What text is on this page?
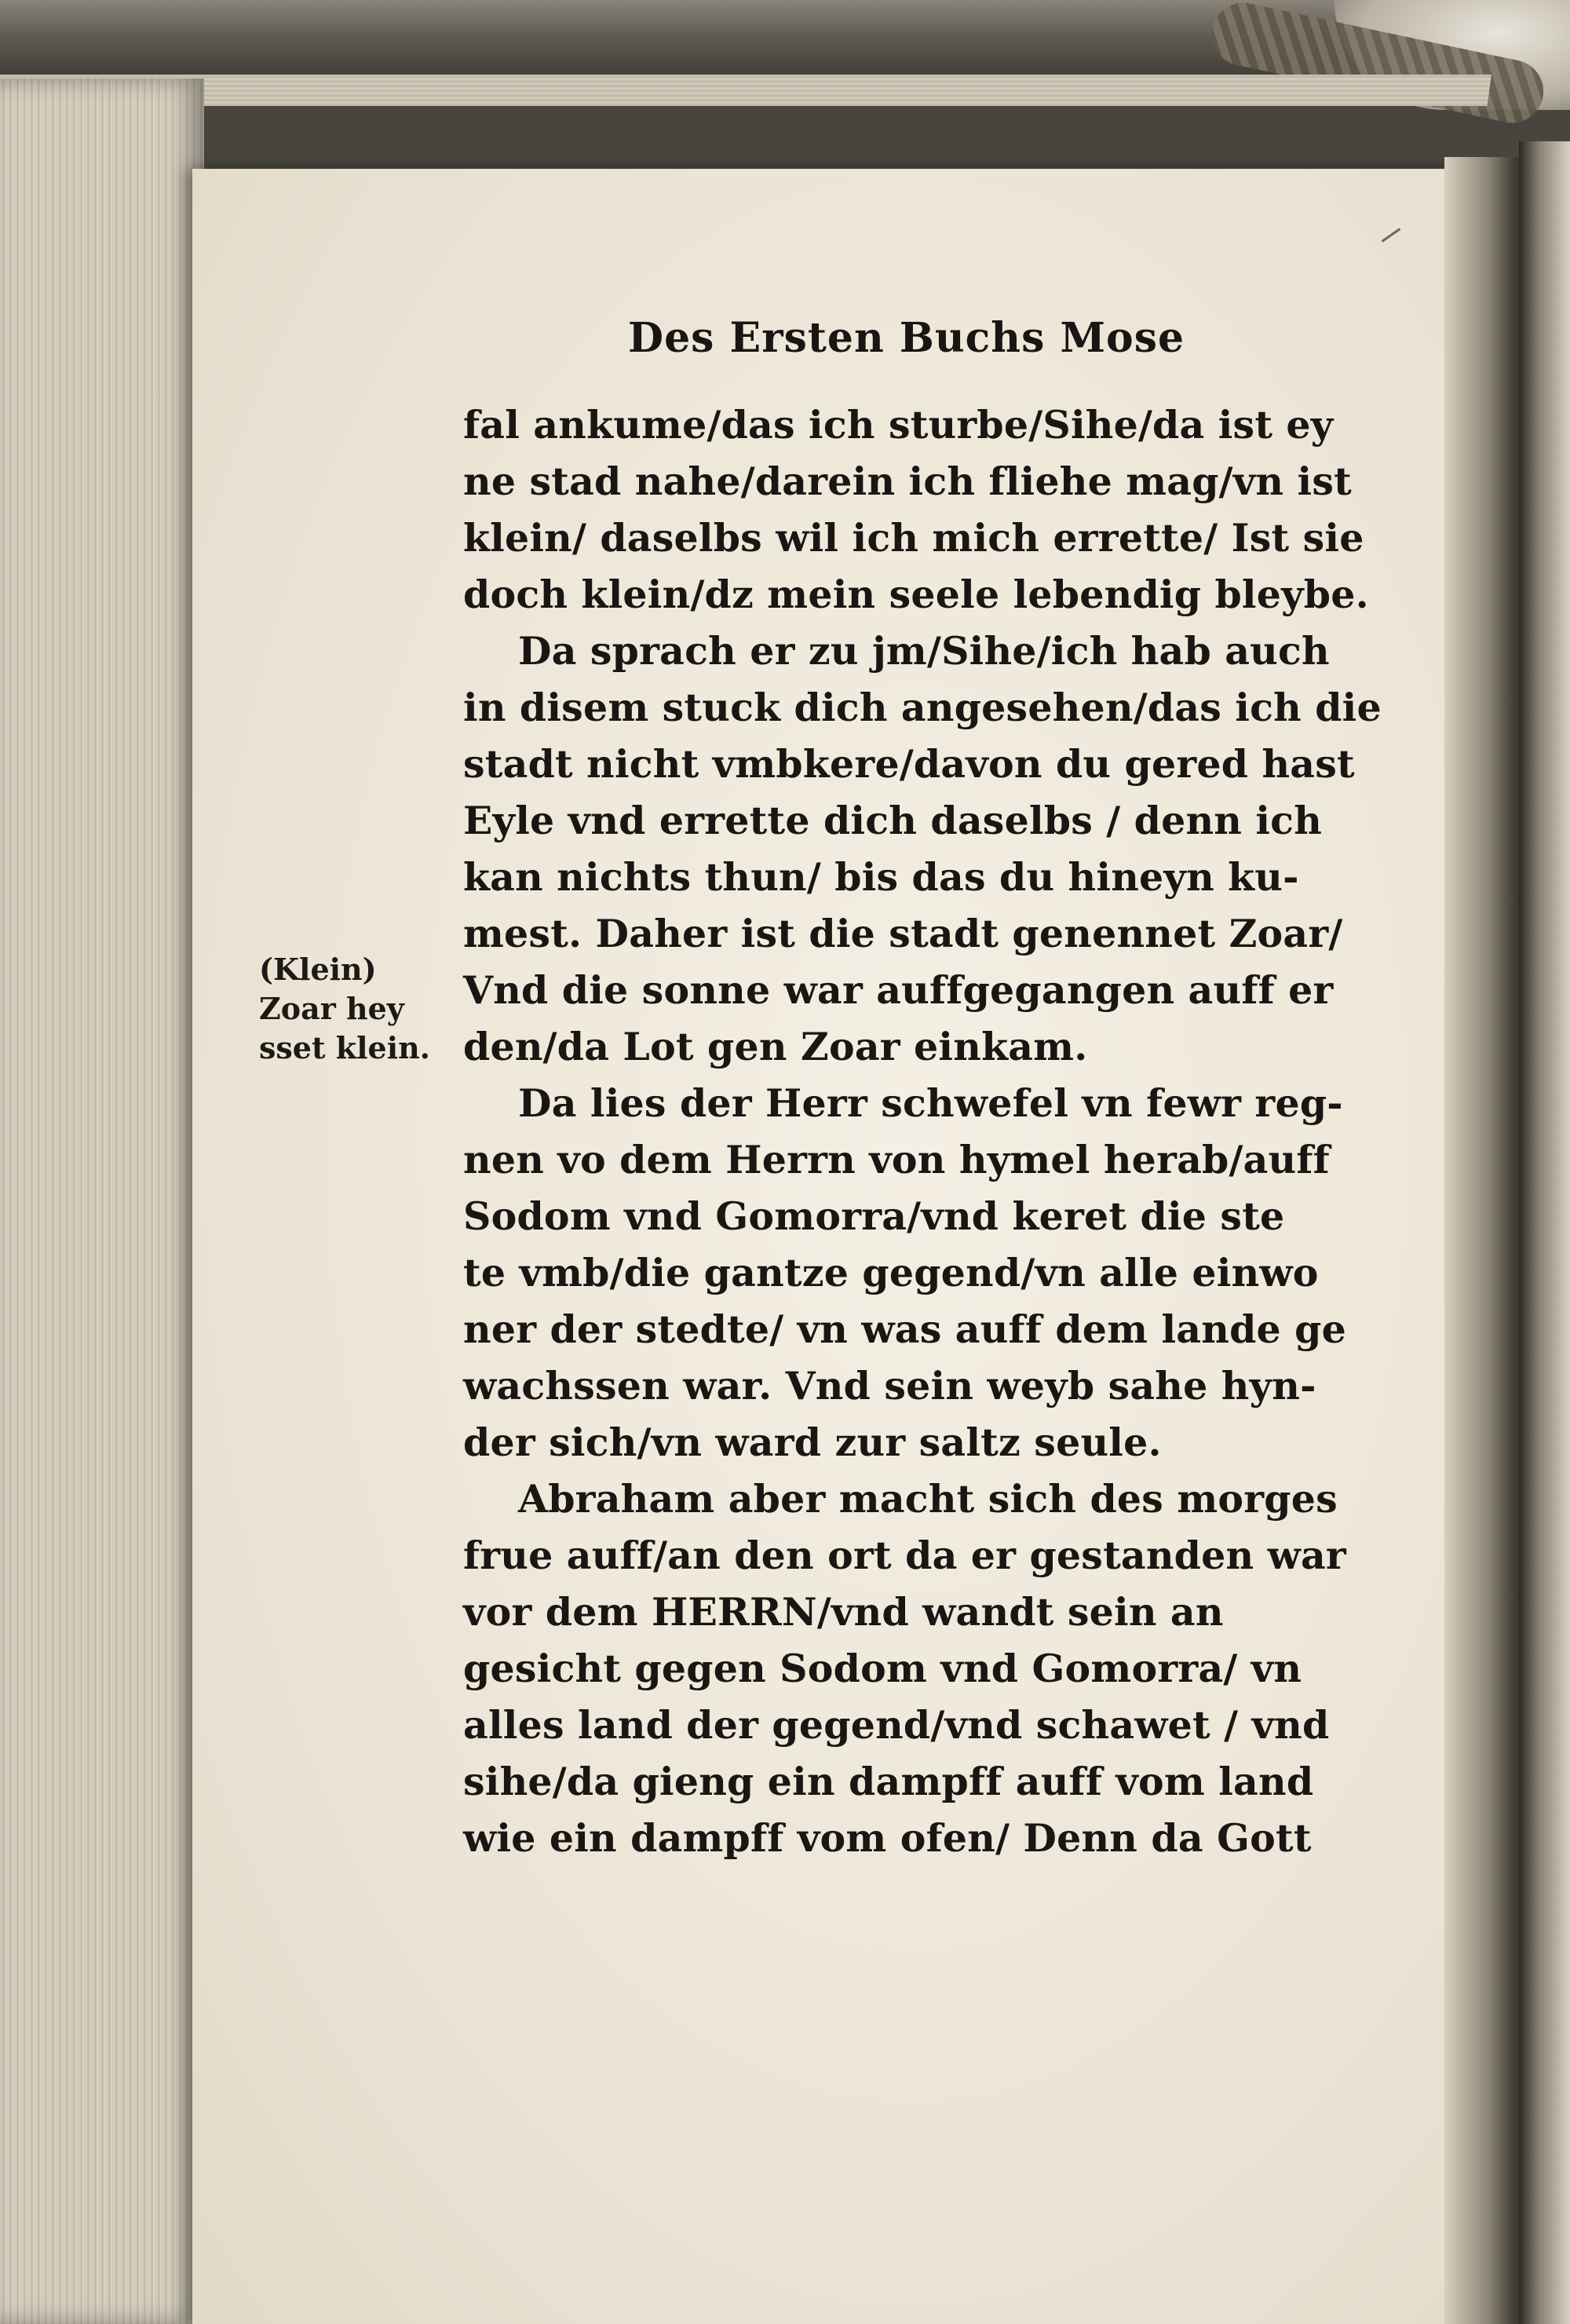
Des Ersten Buchs Mose
fal ankume/das ich sturbe/Sihe/da ist ey
ne stad nahe/darein ich fliehe mag/vn ist
klein/ daselbs wil ich mich errette/ Ist sie
doch klein/dz mein seele lebendig bleybe.
Da sprach er zu jm/Sihe/ich hab auch
in disem stuck dich angesehen/das ich die
stadt nicht vmbkere/davon du gered hast
Eyle vnd errette dich daselbs / denn ich
kan nichts thun/ bis das du hineyn ku-
mest. Daher ist die stadt genennet Zoar/
Vnd die sonne war auffgegangen auff er
den/da Lot gen Zoar einkam.
Da lies der Herr schwefel vn fewr reg-
nen vo dem Herrn von hymel herab/auff
Sodom vnd Gomorra/vnd keret die ste
te vmb/die gantze gegend/vn alle einwo
ner der stedte/ vn was auff dem lande ge
wachssen war. Vnd sein weyb sahe hyn-
der sich/vn ward zur saltz seule.
Abraham aber macht sich des morges
frue auff/an den ort da er gestanden war
vor dem HERRN/vnd wandt sein an
gesicht gegen Sodom vnd Gomorra/ vn
alles land der gegend/vnd schawet / vnd
sihe/da gieng ein dampff auff vom land
wie ein dampff vom ofen/ Denn da Gott
(Klein)
Zoar hey
sset klein.
